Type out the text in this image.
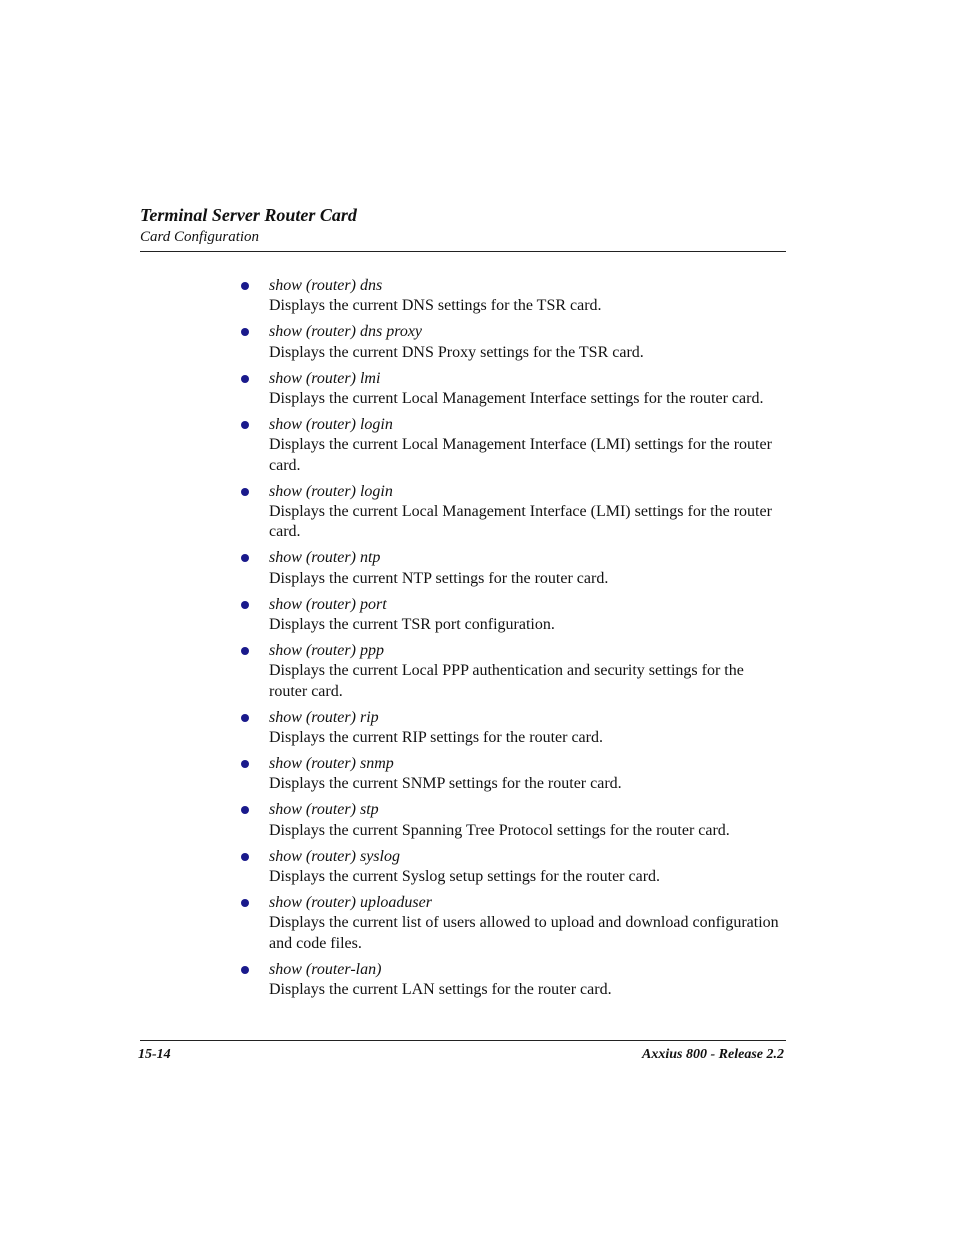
Terminal Server Router Card
Card Configuration
show (router) dns
Displays the current DNS settings for the TSR card.
show (router) dns proxy
Displays the current DNS Proxy settings for the TSR card.
show (router) lmi
Displays the current Local Management Interface settings for the router card.
show (router) login
Displays the current Local Management Interface (LMI) settings for the router card.
show (router) login
Displays the current Local Management Interface (LMI) settings for the router card.
show (router) ntp
Displays the current NTP settings for the router card.
show (router) port
Displays the current TSR port configuration.
show (router) ppp
Displays the current Local PPP authentication and security settings for the router card.
show (router) rip
Displays the current RIP settings for the router card.
show (router) snmp
Displays the current SNMP settings for the router card.
show (router) stp
Displays the current Spanning Tree Protocol settings for the router card.
show (router) syslog
Displays the current Syslog setup settings for the router card.
show (router) uploaduser
Displays the current list of users allowed to upload and download configuration and code files.
show (router-lan)
Displays the current LAN settings for the router card.
15-14	Axxius 800 - Release 2.2
